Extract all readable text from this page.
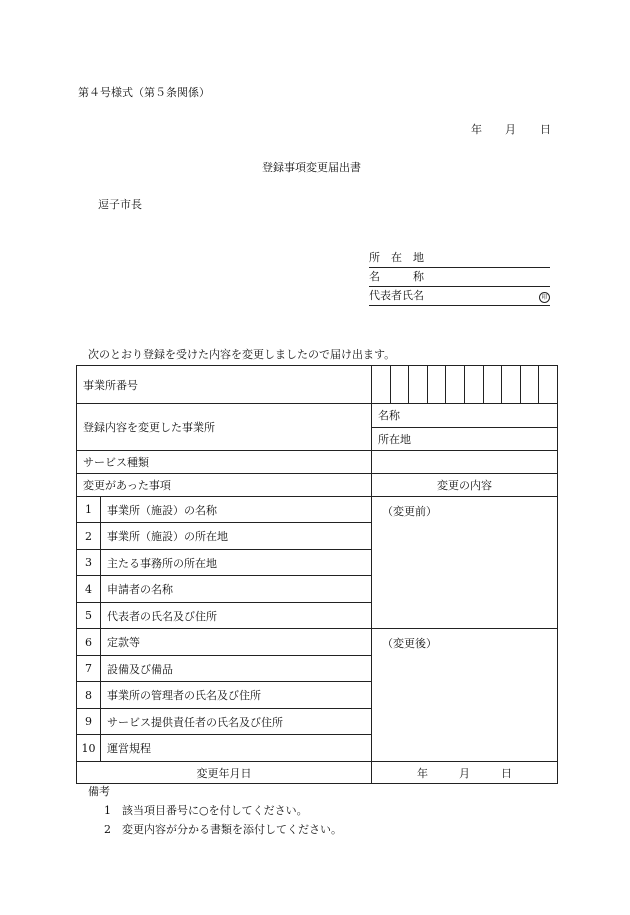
第４号様式（第５条関係）
年 月 日
登録事項変更届出書
逗子市長
所　在　地
名　　　称
代表者氏名	印
次のとおり登録を受けた内容を変更しましたので届け出ます。
事業所番号		

登録内容を変更した事業所		名称
所在地

サービス種類		
変更があった事項		変更の内容
1	事業所（施設）の名称	（変更前）
2	事業所（施設）の所在地	
3	主たる事務所の所在地	
4	申請者の名称	
5	代表者の氏名及び住所	
6	定款等	（変更後）
7	設備及び備品	
8	事業所の管理者の氏名及び住所	
9	サービス提供責任者の氏名及び住所	
10	運営規程	
変更年月日		年 月 日
備考
1 該当項目番号に○を付してください。
2 変更内容が分かる書類を添付してください。
